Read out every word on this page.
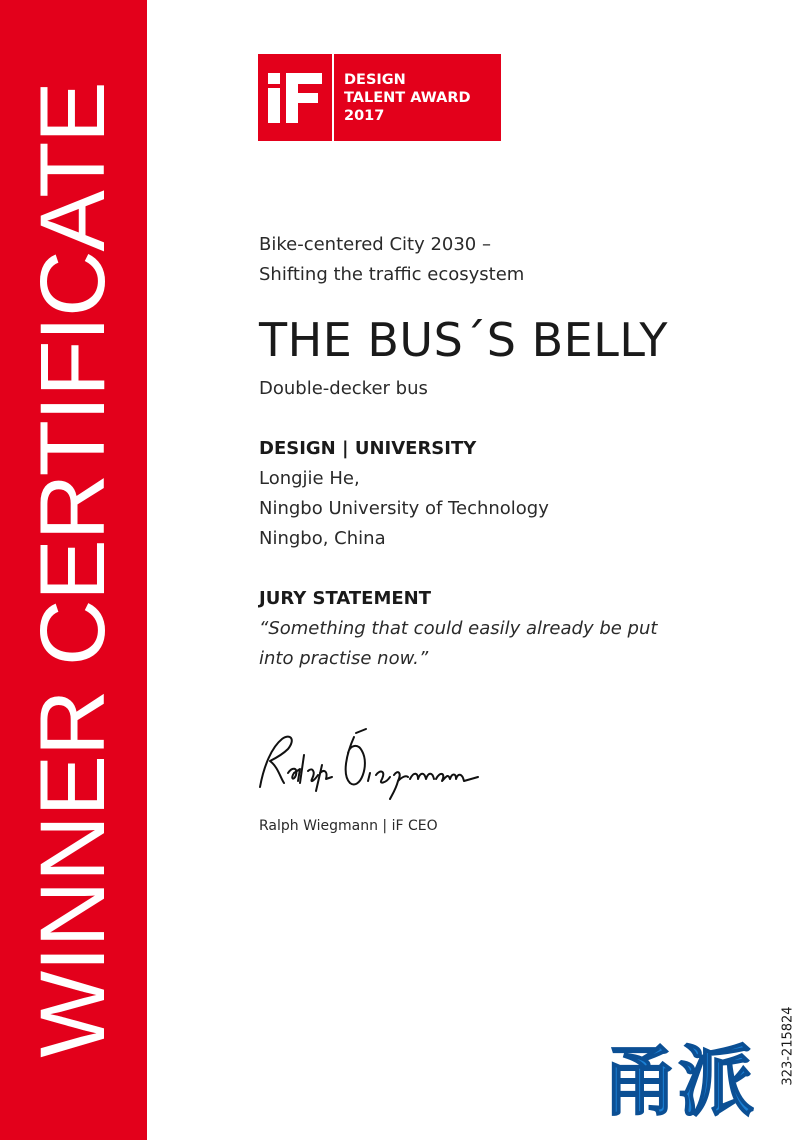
WINNER CERTIFICATE
DESIGN
TALENT AWARD
2017
Bike-centered City 2030 –
Shifting the traffic ecosystem
THE BUS´S BELLY
Double-decker bus
DESIGN | UNIVERSITY
Longjie He,
Ningbo University of Technology
Ningbo, China
JURY STATEMENT
“Something that could easily already be put
into practise now.”
Ralph Wiegmann | iF CEO
323-215824
甬派
